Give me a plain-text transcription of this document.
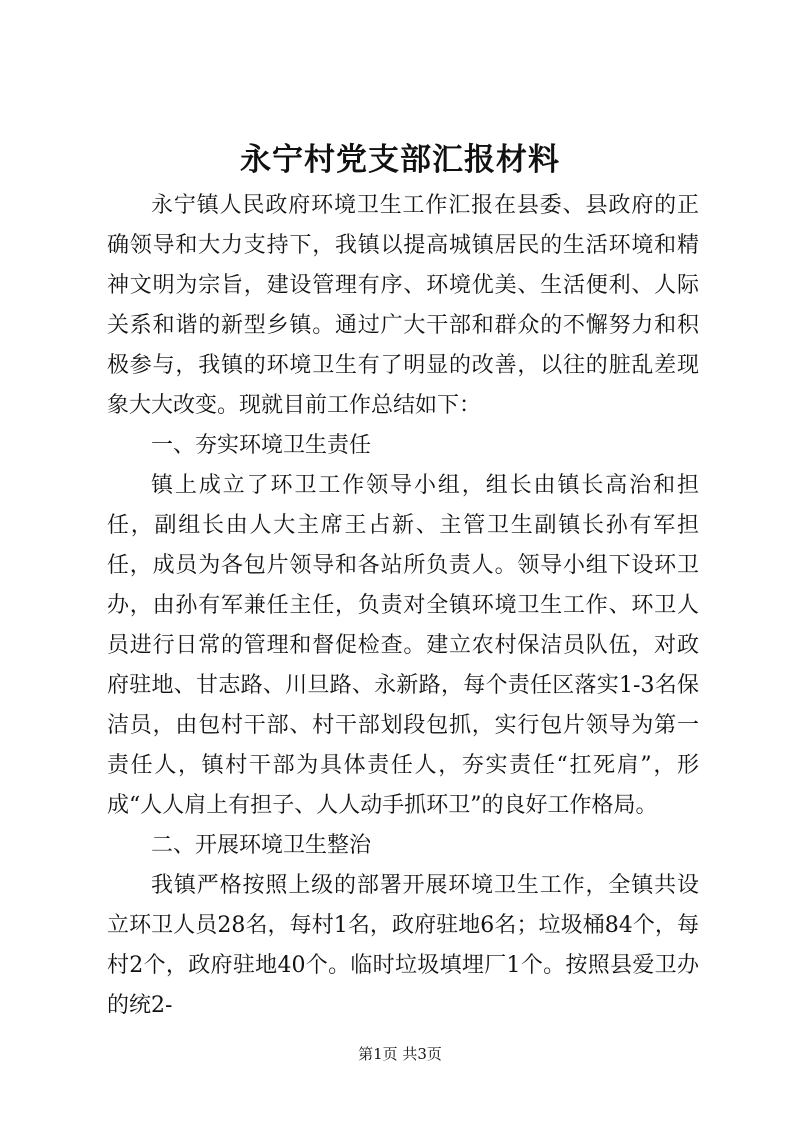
永宁村党支部汇报材料

永宁镇人民政府环境卫生工作汇报在县委、县政府的正确领导和大力支持下，我镇以提高城镇居民的生活环境和精神文明为宗旨，建设管理有序、环境优美、生活便利、人际关系和谐的新型乡镇。通过广大干部和群众的不懈努力和积极参与，我镇的环境卫生有了明显的改善，以往的脏乱差现象大大改变。现就目前工作总结如下：

一、夯实环境卫生责任

镇上成立了环卫工作领导小组，组长由镇长高治和担任，副组长由人大主席王占新、主管卫生副镇长孙有军担任，成员为各包片领导和各站所负责人。领导小组下设环卫办，由孙有军兼任主任，负责对全镇环境卫生工作、环卫人员进行日常的管理和督促检查。建立农村保洁员队伍，对政府驻地、甘志路、川旦路、永新路，每个责任区落实1-3名保洁员，由包村干部、村干部划段包抓，实行包片领导为第一责任人，镇村干部为具体责任人，夯实责任“扛死肩”，形成“人人肩上有担子、人人动手抓环卫”的良好工作格局。

二、开展环境卫生整治

我镇严格按照上级的部署开展环境卫生工作，全镇共设立环卫人员28名，每村1名，政府驻地6名；垃圾桶84个，每村2个，政府驻地40个。临时垃圾填埋厂1个。按照县爱卫办的统2-

第1页 共3页
